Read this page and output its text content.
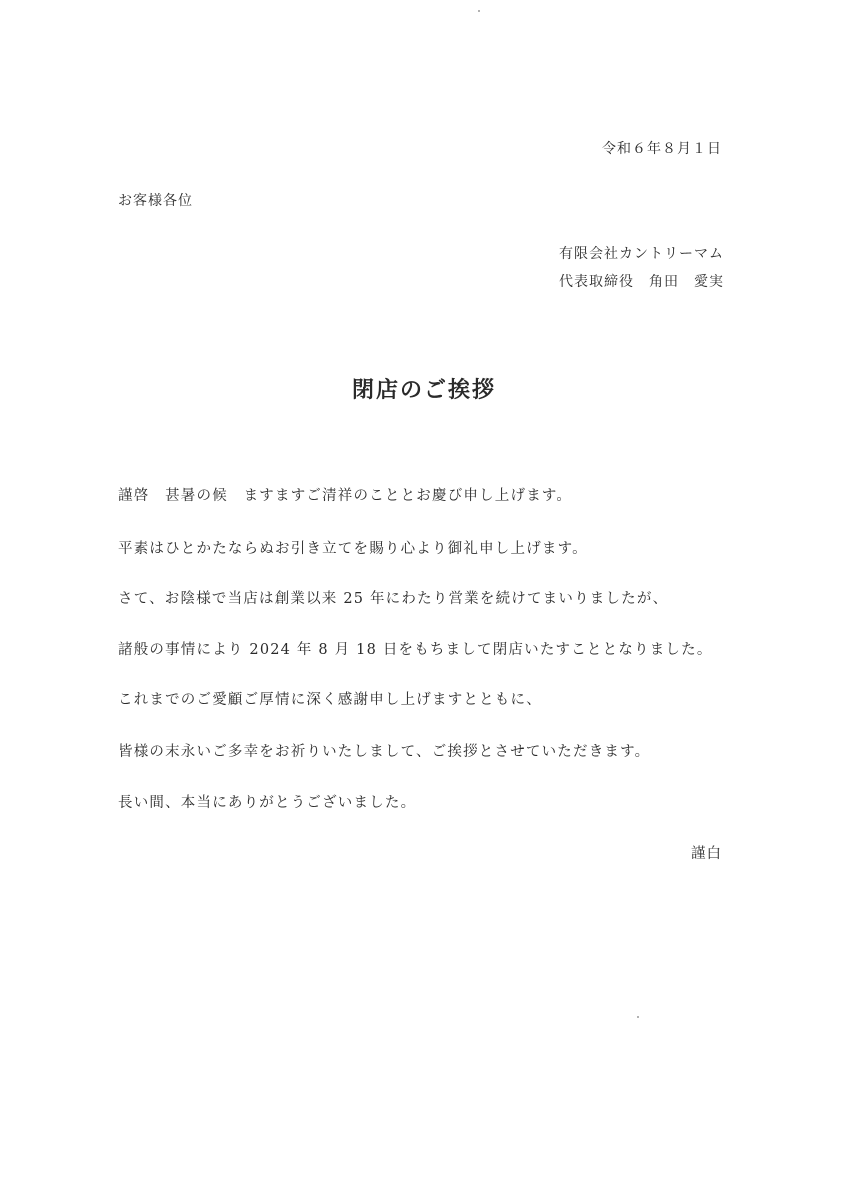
令和６年８月１日
お客様各位
有限会社カントリーマム
代表取締役　角田　愛実
閉店のご挨拶
謹啓　甚暑の候　ますますご清祥のこととお慶び申し上げます。
平素はひとかたならぬお引き立てを賜り心より御礼申し上げます。
さて、お陰様で当店は創業以来 25 年にわたり営業を続けてまいりましたが、
諸般の事情により 2024 年 8 月 18 日をもちまして閉店いたすこととなりました。
これまでのご愛顧ご厚情に深く感謝申し上げますとともに、
皆様の末永いご多幸をお祈りいたしまして、ご挨拶とさせていただきます。
長い間、本当にありがとうございました。
謹白
